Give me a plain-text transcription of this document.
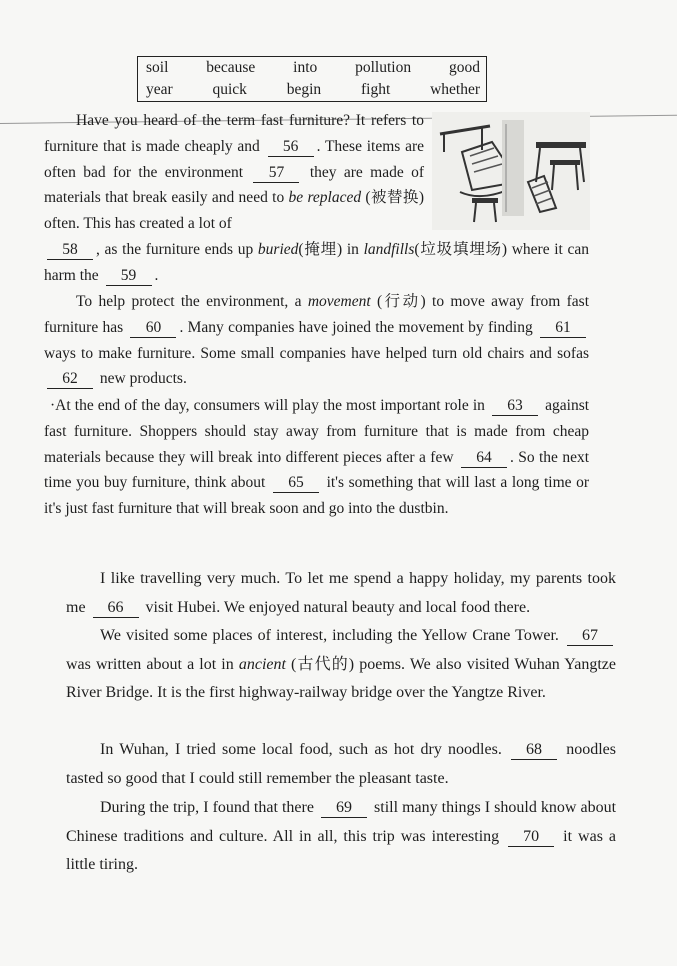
soil because into pollution good
year	quick	begin	fight	whether

Have you heard of the term fast furniture? It refers to furniture that is made cheaply and 56 . These items are often bad for the environment 57 they are made of materials that break easily and need to be replaced (被替换) often. This has created a lot of

58 , as the furniture ends up buried(掩埋) in landfills(垃圾填埋场) where it can harm the 59 .

To help protect the environment, a movement (行动) to move away from fast furniture has 60 . Many companies have joined the movement by finding 61 ways to make furniture. Some small companies have helped turn old chairs and sofas 62 new products.

·At the end of the day, consumers will play the most important role in 63 against fast furniture. Shoppers should stay away from furniture that is made from cheap materials because they will break into different pieces after a few 64 . So the next time you buy furniture, think about 65 it's something that will last a long time or it's just fast furniture that will break soon and go into the dustbin.

I like travelling very much. To let me spend a happy holiday, my parents took me 66 visit Hubei. We enjoyed natural beauty and local food there.

We visited some places of interest, including the Yellow Crane Tower. 67 was written about a lot in ancient (古代的) poems. We also visited Wuhan Yangtze River Bridge. It is the first highway-railway bridge over the Yangtze River.

In Wuhan, I tried some local food, such as hot dry noodles. 68 noodles tasted so good that I could still remember the pleasant taste.

During the trip, I found that there 69 still many things I should know about Chinese traditions and culture. All in all, this trip was interesting 70 it was a little tiring.
